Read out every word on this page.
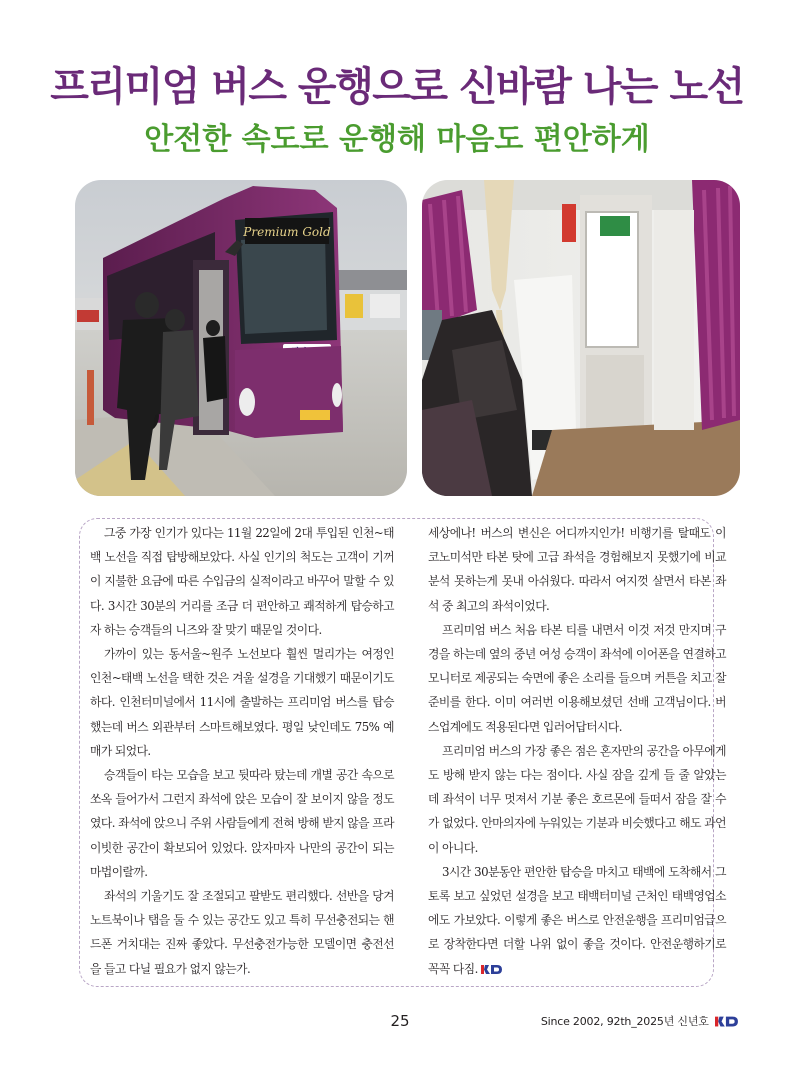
프리미엄 버스 운행으로 신바람 나는 노선
안전한 속도로 운행해 마음도 편안하게
Premium Gold

그중 가장 인기가 있다는 11월 22일에 2대 투입된 인천~태백 노선을 직접 탑방해보았다. 사실 인기의 척도는 고객이 기꺼이 지불한 요금에 따른 수입금의 실적이라고 바꾸어 말할 수 있다. 3시간 30분의 거리를 조금 더 편안하고 쾌적하게 탑승하고자 하는 승객들의 니즈와 잘 맞기 때문일 것이다.

가까이 있는 동서울~원주 노선보다 훨씬 멀리가는 여정인 인천~태백 노선을 택한 것은 겨울 설경을 기대했기 때문이기도 하다. 인천터미널에서 11시에 출발하는 프리미엄 버스를 탑승했는데 버스 외관부터 스마트해보였다. 평일 낮인데도 75% 예매가 되었다.

승객들이 타는 모습을 보고 뒷따라 탔는데 개별 공간 속으로 쏘옥 들어가서 그런지 좌석에 앉은 모습이 잘 보이지 않을 정도였다. 좌석에 앉으니 주위 사람들에게 전혀 방해 받지 않을 프라이빗한 공간이 확보되어 있었다. 앉자마자 나만의 공간이 되는 마법이랄까.

좌석의 기울기도 잘 조절되고 팔받도 편리했다. 선반을 당겨 노트북이나 탭을 둘 수 있는 공간도 있고 특히 무선충전되는 핸드폰 거치대는 진짜 좋았다. 무선충전가능한 모델이면 충전선을 들고 다닐 필요가 없지 않는가.

세상에나! 버스의 변신은 어디까지인가! 비행기를 탈때도 이코노미석만 타본 탓에 고급 좌석을 경험해보지 못했기에 비교 분석 못하는게 못내 아쉬웠다. 따라서 여지껏 살면서 타본 좌석 중 최고의 좌석이었다.

프리미엄 버스 처음 타본 티를 내면서 이것 저것 만지며 구경을 하는데 옆의 중년 여성 승객이 좌석에 이어폰을 연결하고 모니터로 제공되는 숙면에 좋은 소리를 들으며 커튼을 치고 잘 준비를 한다. 이미 여러번 이용해보셨던 선배 고객님이다. 버스업계에도 적용된다면 입러어답터시다.

프리미엄 버스의 가장 좋은 점은 혼자만의 공간을 아무에게도 방해 받지 않는 다는 점이다. 사실 잠을 깊게 들 줄 알았는데 좌석이 너무 멋져서 기분 좋은 호르몬에 들떠서 잠을 잘 수가 없었다. 안마의자에 누워있는 기분과 비슷했다고 해도 과언이 아니다.

3시간 30분동안 편안한 탑승을 마치고 태백에 도착해서 그토록 보고 싶었던 설경을 보고 태백터미널 근처인 태백영업소에도 가보았다. 이렇게 좋은 버스로 안전운행을 프리미엄급으로 장착한다면 더할 나위 없이 좋을 것이다. 안전운행하기로 꼭꼭 다짐.

25	Since 2002, 92th_2025년 신년호
